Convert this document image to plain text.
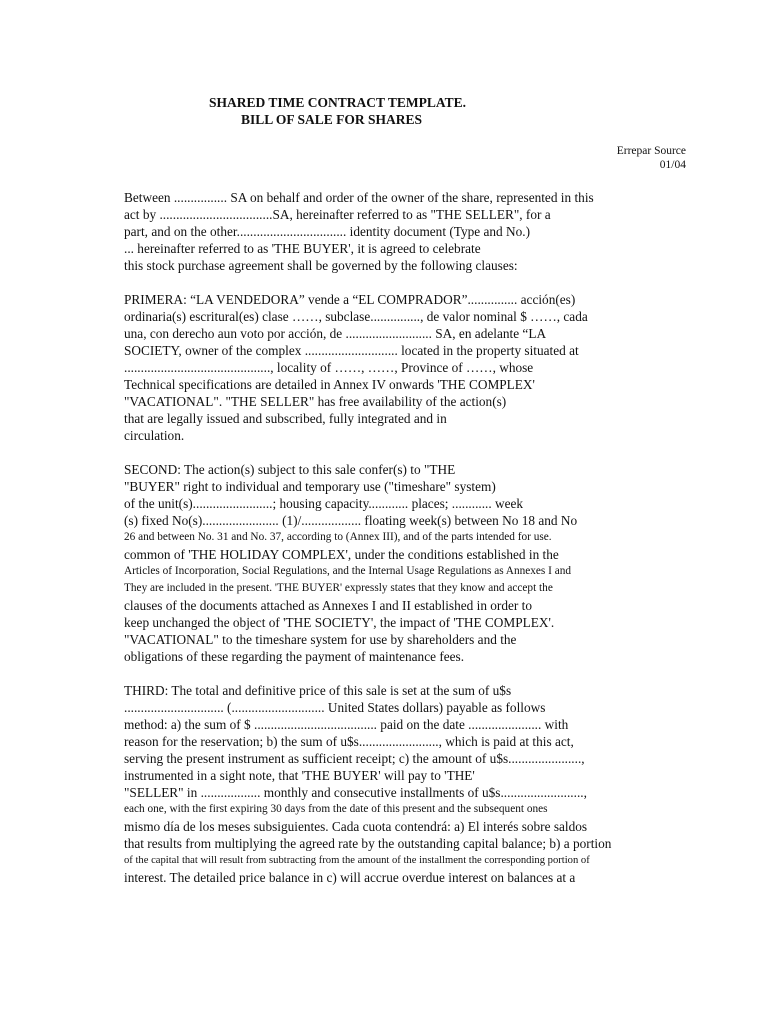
SHARED TIME CONTRACT TEMPLATE.
BILL OF SALE FOR SHARES
Errepar Source
01/04
Between ................ SA on behalf and order of the owner of the share, represented in this
act by ..................................SA, hereinafter referred to as "THE SELLER", for a
part, and on the other................................. identity document (Type and No.)
... hereinafter referred to as 'THE BUYER', it is agreed to celebrate
this stock purchase agreement shall be governed by the following clauses:
PRIMERA: “LA VENDEDORA” vende a “EL COMPRADOR”............... acción(es)
ordinaria(s) escritural(es) clase ……, subclase..............., de valor nominal $ ……, cada
una, con derecho aun voto por acción, de .......................... SA, en adelante “LA
SOCIETY, owner of the complex ............................ located in the property situated at
............................................, locality of ……, ……, Province of ……, whose
Technical specifications are detailed in Annex IV onwards 'THE COMPLEX'
"VACATIONAL". "THE SELLER" has free availability of the action(s)
that are legally issued and subscribed, fully integrated and in
circulation.
SECOND: The action(s) subject to this sale confer(s) to "THE
"BUYER" right to individual and temporary use ("timeshare" system)
of the unit(s)........................; housing capacity............ places; ............ week
(s) fixed No(s)....................... (1)/.................. floating week(s) between No 18 and No
26 and between No. 31 and No. 37, according to (Annex III), and of the parts intended for use.
common of 'THE HOLIDAY COMPLEX', under the conditions established in the
Articles of Incorporation, Social Regulations, and the Internal Usage Regulations as Annexes I and
They are included in the present. 'THE BUYER' expressly states that they know and accept the
clauses of the documents attached as Annexes I and II established in order to
keep unchanged the object of 'THE SOCIETY', the impact of 'THE COMPLEX'.
"VACATIONAL" to the timeshare system for use by shareholders and the
obligations of these regarding the payment of maintenance fees.
THIRD: The total and definitive price of this sale is set at the sum of u$s
.............................. (............................ United States dollars) payable as follows
method: a) the sum of $ ..................................... paid on the date ...................... with
reason for the reservation; b) the sum of u$s........................, which is paid at this act,
serving the present instrument as sufficient receipt; c) the amount of u$s......................,
instrumented in a sight note, that 'THE BUYER' will pay to 'THE'
"SELLER" in .................. monthly and consecutive installments of u$s.........................,
each one, with the first expiring 30 days from the date of this present and the subsequent ones
mismo día de los meses subsiguientes. Cada cuota contendrá: a) El interés sobre saldos
that results from multiplying the agreed rate by the outstanding capital balance; b) a portion
of the capital that will result from subtracting from the amount of the installment the corresponding portion of
interest. The detailed price balance in c) will accrue overdue interest on balances at a
